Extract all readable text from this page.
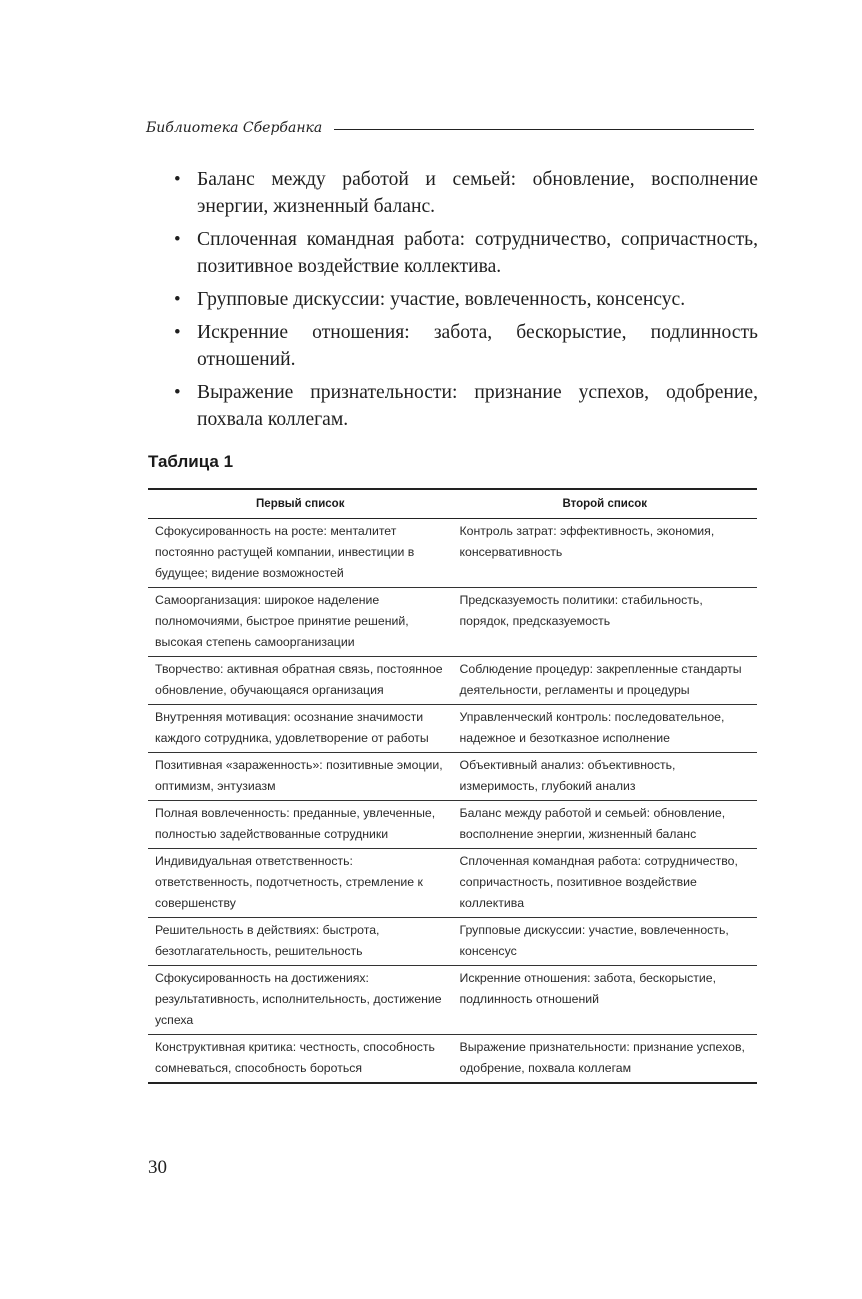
Библиотека Сбербанка
• Баланс между работой и семьей: обновление, восполнение энергии, жизненный баланс.
• Сплоченная командная работа: сотрудничество, сопричастность, позитивное воздействие коллектива.
• Групповые дискуссии: участие, вовлеченность, консенсус.
• Искренние отношения: забота, бескорыстие, подлинность отношений.
• Выражение признательности: признание успехов, одобрение, похвала коллегам.
Таблица 1
Первый список	Второй список
Сфокусированность на росте: менталитет постоянно растущей компании, инвестиции в будущее; видение возможностей	Контроль затрат: эффективность, экономия, консервативность
Самоорганизация: широкое наделение полномочиями, быстрое принятие решений, высокая степень самоорганизации	Предсказуемость политики: стабильность, порядок, предсказуемость
Творчество: активная обратная связь, постоянное обновление, обучающаяся организация	Соблюдение процедур: закрепленные стандарты деятельности, регламенты и процедуры
Внутренняя мотивация: осознание значимости каждого сотрудника, удовлетворение от работы	Управленческий контроль: последовательное, надежное и безотказное исполнение
Позитивная «зараженность»: позитивные эмоции, оптимизм, энтузиазм	Объективный анализ: объективность, измеримость, глубокий анализ
Полная вовлеченность: преданные, увлеченные, полностью задействованные сотрудники	Баланс между работой и семьей: обновление, восполнение энергии, жизненный баланс
Индивидуальная ответственность: ответственность, подотчетность, стремление к совершенству	Сплоченная командная работа: сотрудничество, сопричастность, позитивное воздействие коллектива
Решительность в действиях: быстрота, безотлагательность, решительность	Групповые дискуссии: участие, вовлеченность, консенсус
Сфокусированность на достижениях: результативность, исполнительность, достижение успеха	Искренние отношения: забота, бескорыстие, подлинность отношений
Конструктивная критика: честность, способность сомневаться, способность бороться	Выражение признательности: признание успехов, одобрение, похвала коллегам
30
